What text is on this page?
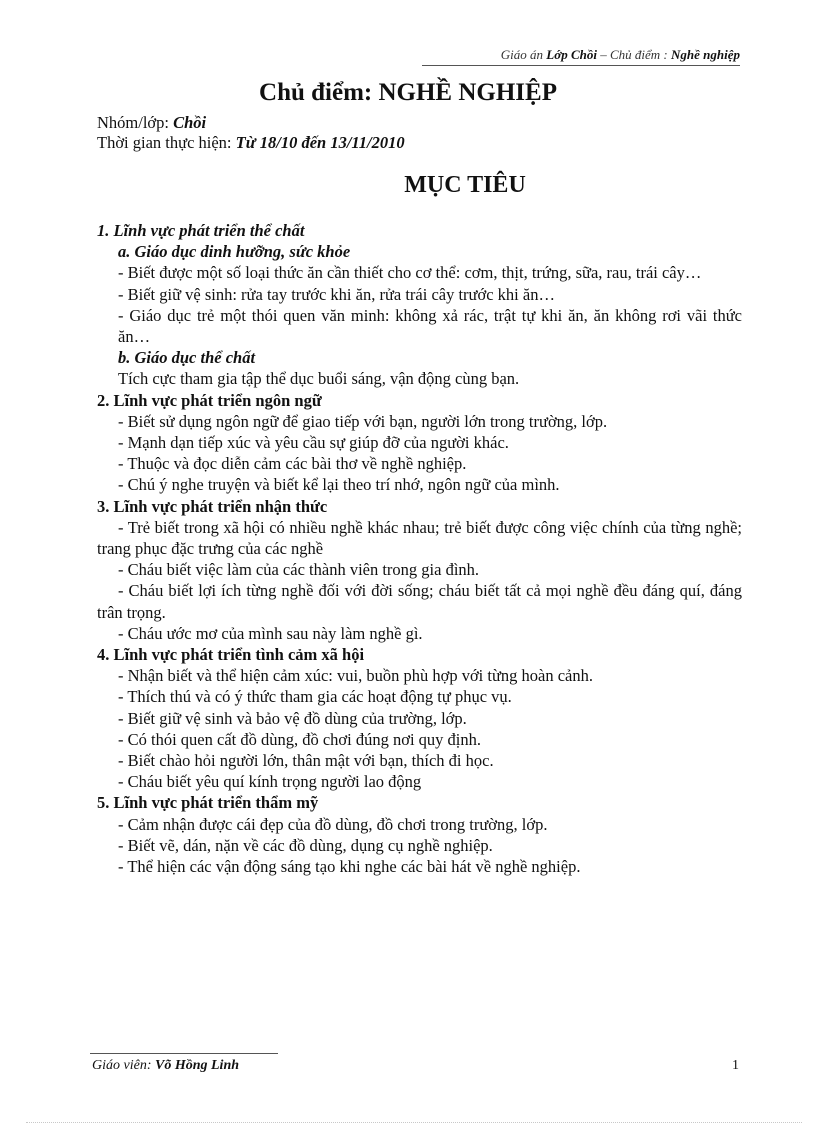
Giáo án Lớp Chồi – Chủ điểm : Nghề nghiệp
Chủ điểm: NGHỀ NGHIỆP
Nhóm/lớp: Chồi
Thời gian thực hiện: Từ 18/10 đến 13/11/2010
MỤC TIÊU
1. Lĩnh vực phát triển thể chất
a. Giáo dục dinh hưỡng, sức khỏe
- Biết được một số loại thức ăn cần thiết cho cơ thể: cơm, thịt, trứng, sữa, rau, trái cây…
- Biết giữ vệ sinh: rửa tay trước khi ăn, rửa trái cây trước khi ăn…
- Giáo dục trẻ một thói quen văn minh: không xả rác, trật tự khi ăn, ăn không rơi vãi thức ăn…
b. Giáo dục thể chất
Tích cực tham gia tập thể dục buổi sáng, vận động cùng bạn.
2. Lĩnh vực phát triển ngôn ngữ
- Biết sử dụng ngôn ngữ để giao tiếp với bạn, người lớn trong trường, lớp.
- Mạnh dạn tiếp xúc và yêu cầu sự giúp đỡ của người khác.
- Thuộc và đọc diễn cảm các bài thơ về nghề nghiệp.
- Chú ý nghe truyện và biết kể lại theo trí nhớ, ngôn ngữ của mình.
3. Lĩnh vực phát triển nhận thức
- Trẻ biết trong xã hội có nhiều nghề khác nhau; trẻ biết được công việc chính của từng nghề; trang phục đặc trưng của các nghề
- Cháu biết việc làm của các thành viên trong gia đình.
- Cháu biết lợi ích từng nghề đối với đời sống; cháu biết tất cả mọi nghề đều đáng quí, đáng trân trọng.
- Cháu ước mơ của mình sau này làm nghề gì.
4. Lĩnh vực phát triển tình cảm xã hội
- Nhận biết và thể hiện cảm xúc: vui, buồn phù hợp với từng hoàn cảnh.
- Thích thú và có ý thức tham gia các hoạt động tự phục vụ.
- Biết giữ vệ sinh và bảo vệ đồ dùng của trường, lớp.
- Có thói quen cất đồ dùng, đồ chơi đúng nơi quy định.
- Biết chào hỏi người lớn, thân mật với bạn, thích đi học.
- Cháu biết yêu quí kính trọng người lao động
5. Lĩnh vực phát triển thẩm mỹ
- Cảm nhận được cái đẹp của đồ dùng, đồ chơi trong trường, lớp.
- Biết vẽ, dán, nặn về các đồ dùng, dụng cụ nghề nghiệp.
- Thể hiện các vận động sáng tạo khi nghe các bài hát về nghề nghiệp.
Giáo viên: Võ Hồng Linh	1
